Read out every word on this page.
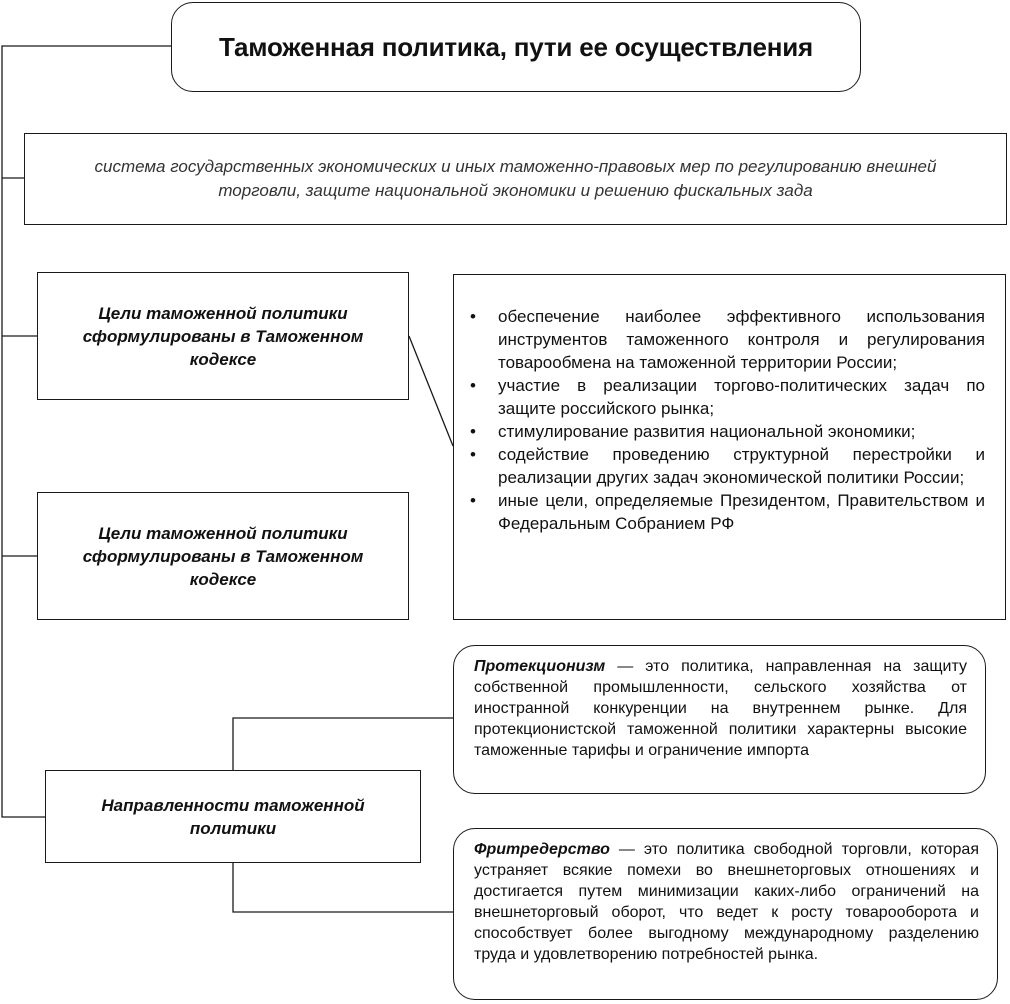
Таможенная политика, пути ее осуществления
система государственных экономических и иных таможенно-правовых мер по регулированию внешней торговли, защите национальной экономики и решению фискальных зада
Цели таможенной политики сформулированы в Таможенном кодексе
Цели таможенной политики сформулированы в Таможенном кодексе
• обеспечение наиболее эффективного использования инструментов таможенного контроля и регулирования товарообмена на таможенной территории России;
• участие в реализации торгово-политических задач по защите российского рынка;
• стимулирование развития национальной экономики;
• содействие проведению структурной перестройки и реализации других задач экономической политики России;
• иные цели, определяемые Президентом, Правительством и Федеральным Собранием РФ
Направленности таможенной политики

Протекционизм — это политика, направленная на защиту собственной промышленности, сельского хозяйства от иностранной конкуренции на внутреннем рынке. Для протекционистской таможенной политики характерны высокие таможенные тарифы и ограничение импорта

Фритредерство — это политика свободной торговли, которая устраняет всякие помехи во внешнеторговых отношениях и достигается путем минимизации каких-либо ограничений на внешнеторговый оборот, что ведет к росту товарооборота и способствует более выгодному международному разделению труда и удовлетворению потребностей рынка.
